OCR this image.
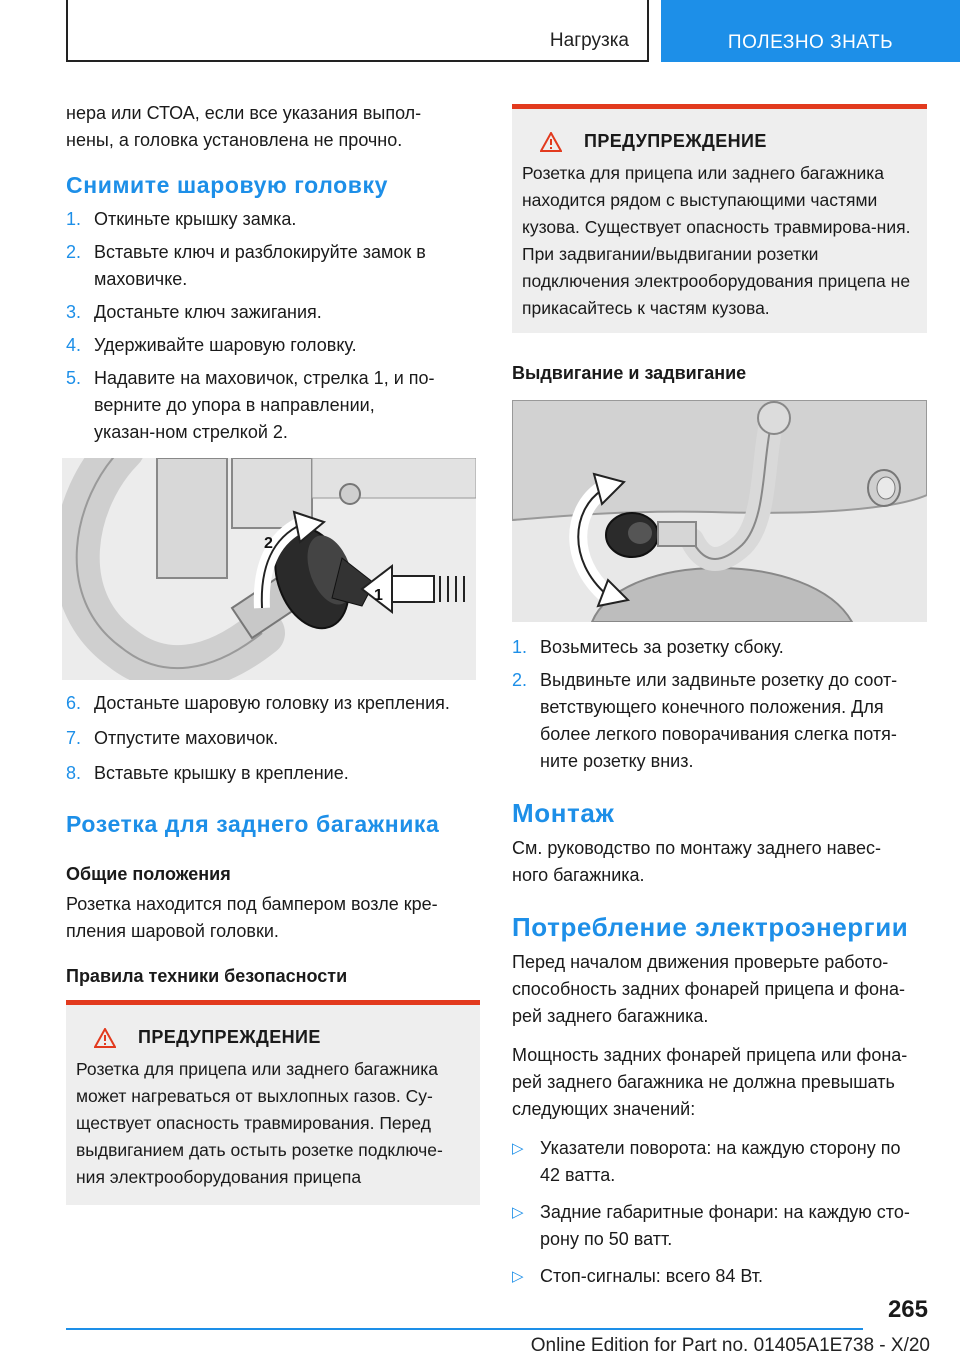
Нагрузка	ПОЛЕЗНО ЗНАТЬ

нера или СТОА, если все указания выпол-нены, а головка установлена не прочно.

Снимите шаровую головку
1. Откиньте крышку замка.
2. Вставьте ключ и разблокируйте замок в маховичке.
3. Достаньте ключ зажигания.
4. Удерживайте шаровую головку.
5. Надавите на маховичок, стрелка 1, и по-верните до упора в направлении, указан-ном стрелкой 2.
1
2
6. Достаньте шаровую головку из крепления.
7. Отпустите маховичок.
8. Вставьте крышку в крепление.
Розетка для заднего багажника
Общие положения

Розетка находится под бампером возле кре-пления шаровой головки.

Правила техники безопасности
ПРЕДУПРЕЖДЕНИЕ
Розетка для прицепа или заднего багажника может нагреваться от выхлопных газов. Су-ществует опасность травмирования. Перед выдвиганием дать остыть розетке подключе-ния электрооборудования прицепа
ПРЕДУПРЕЖДЕНИЕ
Розетка для прицепа или заднего багажника находится рядом с выступающими частями кузова. Существует опасность травмирова-ния. При задвигании/выдвигании розетки подключения электрооборудования прицепа не прикасайтесь к частям кузова.
Выдвигание и задвигание
1. Возьмитесь за розетку сбоку.
2. Выдвиньте или задвиньте розетку до соот-ветствующего конечного положения. Для более легкого поворачивания слегка потя-ните розетку вниз.
Монтаж

См. руководство по монтажу заднего навес-ного багажника.

Потребление электроэнергии

Перед началом движения проверьте работо-способность задних фонарей прицепа и фона-рей заднего багажника.

Мощность задних фонарей прицепа или фона-рей заднего багажника не должна превышать следующих значений:

▷ Указатели поворота: на каждую сторону по 42 ватта.
▷ Задние габаритные фонари: на каждую сто-рону по 50 ватт.
▷ Стоп-сигналы: всего 84 Вт.
265
Online Edition for Part no. 01405A1E738 - X/20
